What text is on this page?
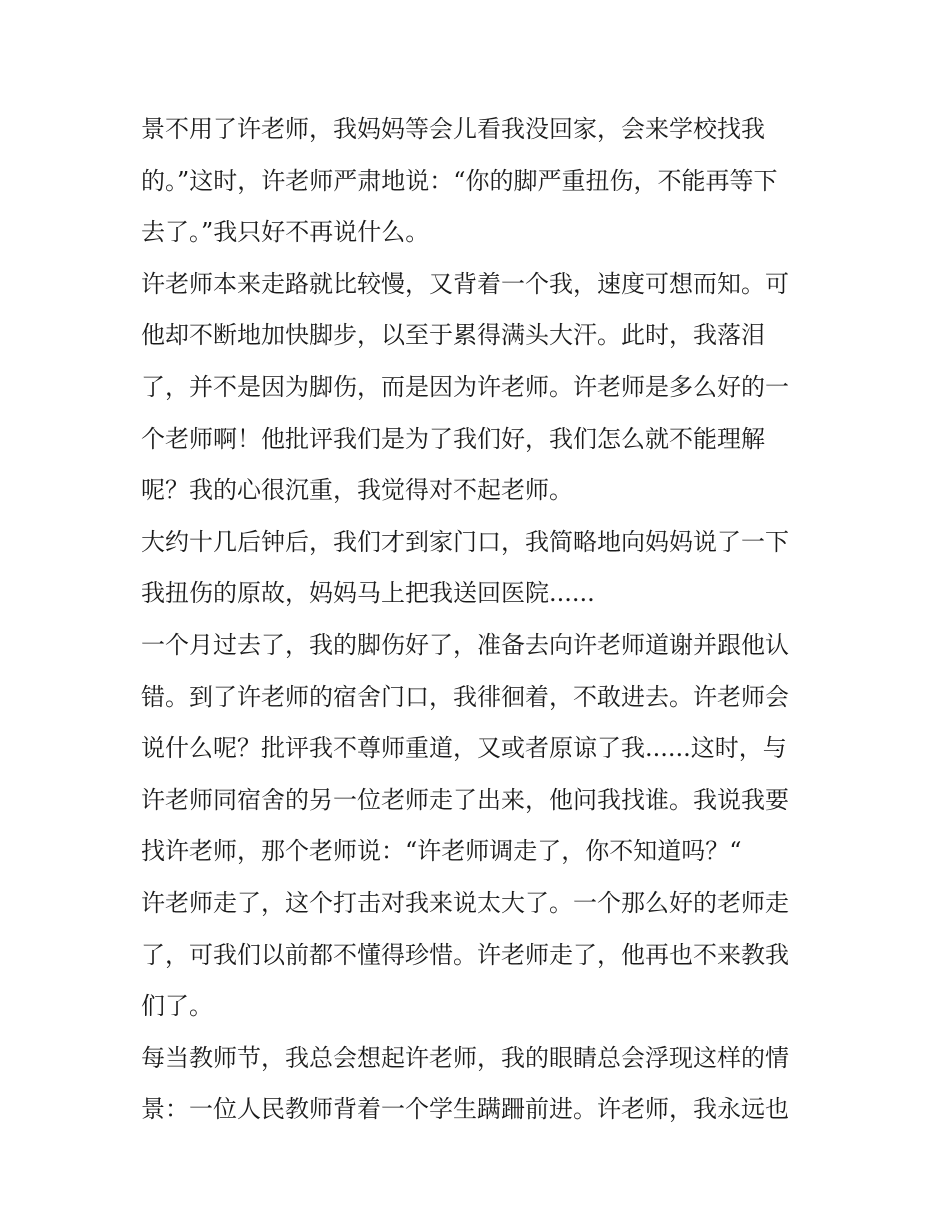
景不用了许老师，我妈妈等会儿看我没回家，会来学校找我
的。”这时，许老师严肃地说：“你的脚严重扭伤，不能再等下
去了。”我只好不再说什么。
许老师本来走路就比较慢，又背着一个我，速度可想而知。可
他却不断地加快脚步，以至于累得满头大汗。此时，我落泪
了，并不是因为脚伤，而是因为许老师。许老师是多么好的一
个老师啊！他批评我们是为了我们好，我们怎么就不能理解
呢？我的心很沉重，我觉得对不起老师。
大约十几后钟后，我们才到家门口，我简略地向妈妈说了一下
我扭伤的原故，妈妈马上把我送回医院......
一个月过去了，我的脚伤好了，准备去向许老师道谢并跟他认
错。到了许老师的宿舍门口，我徘徊着，不敢进去。许老师会
说什么呢？批评我不尊师重道，又或者原谅了我......这时，与
许老师同宿舍的另一位老师走了出来，他问我找谁。我说我要
找许老师，那个老师说：“许老师调走了，你不知道吗？“
许老师走了，这个打击对我来说太大了。一个那么好的老师走
了，可我们以前都不懂得珍惜。许老师走了，他再也不来教我
们了。
每当教师节，我总会想起许老师，我的眼睛总会浮现这样的情
景：一位人民教师背着一个学生蹒跚前进。许老师，我永远也
